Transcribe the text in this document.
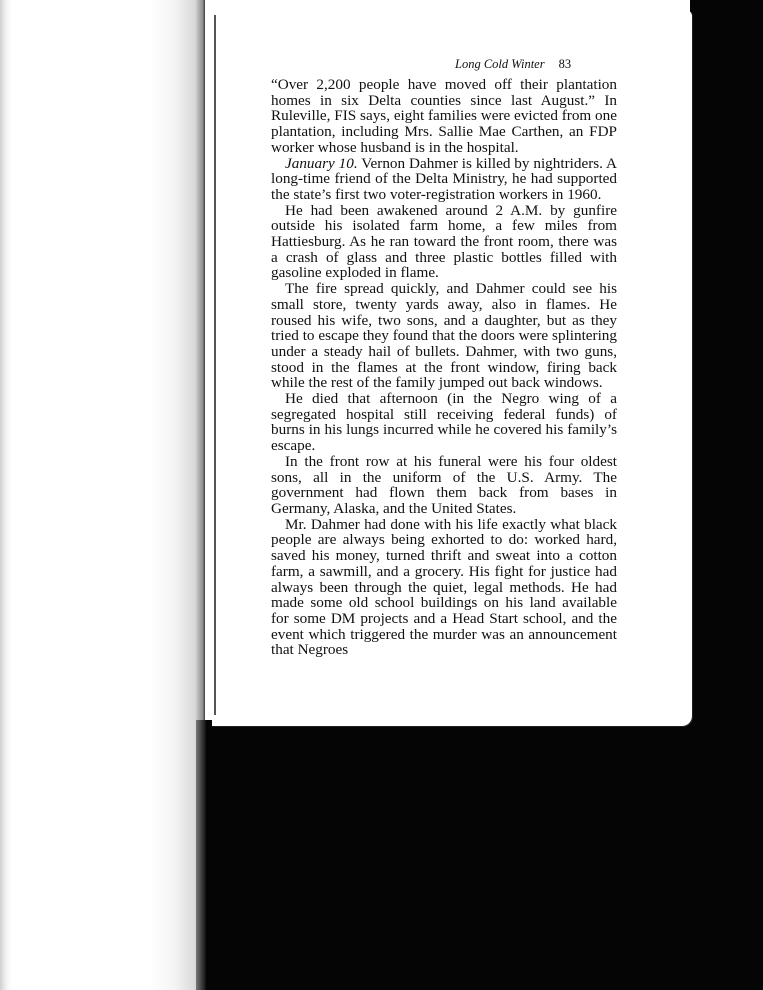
Long Cold Winter 83

“Over 2,200 people have moved off their plantation homes in six Delta counties since last August.” In Ruleville, FIS says, eight families were evicted from one plantation, including Mrs. Sallie Mae Carthen, an FDP worker whose husband is in the hospital.

January 10. Vernon Dahmer is killed by nightriders. A long-time friend of the Delta Ministry, he had supported the state’s first two voter-registration workers in 1960.

He had been awakened around 2 A.M. by gunfire outside his isolated farm home, a few miles from Hattiesburg. As he ran toward the front room, there was a crash of glass and three plastic bottles filled with gasoline exploded in flame.

The fire spread quickly, and Dahmer could see his small store, twenty yards away, also in flames. He roused his wife, two sons, and a daughter, but as they tried to escape they found that the doors were splintering under a steady hail of bullets. Dahmer, with two guns, stood in the flames at the front window, firing back while the rest of the family jumped out back windows.

He died that afternoon (in the Negro wing of a segregated hospital still receiving federal funds) of burns in his lungs incurred while he covered his family’s escape.

In the front row at his funeral were his four oldest sons, all in the uniform of the U.S. Army. The government had flown them back from bases in Germany, Alaska, and the United States.

Mr. Dahmer had done with his life exactly what black people are always being exhorted to do: worked hard, saved his money, turned thrift and sweat into a cotton farm, a sawmill, and a grocery. His fight for justice had always been through the quiet, legal methods. He had made some old school buildings on his land available for some DM projects and a Head Start school, and the event which triggered the murder was an announcement that Negroes
